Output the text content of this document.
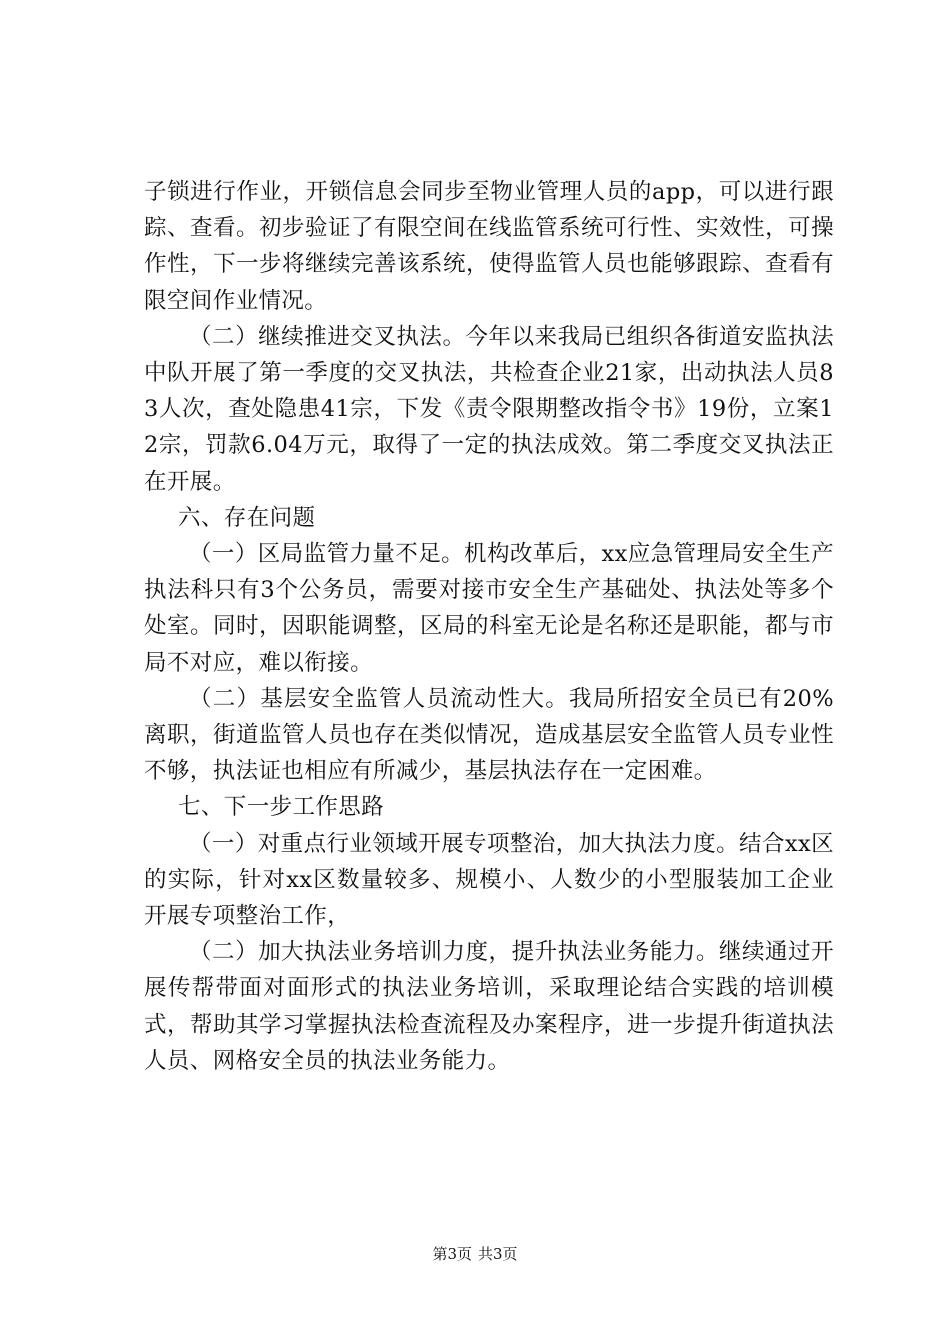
子锁进行作业，开锁信息会同步至物业管理人员的app，可以进行跟踪、查看。初步验证了有限空间在线监管系统可行性、实效性，可操作性，下一步将继续完善该系统，使得监管人员也能够跟踪、查看有限空间作业情况。

（二）继续推进交叉执法。今年以来我局已组织各街道安监执法中队开展了第一季度的交叉执法，共检查企业21家，出动执法人员83人次，查处隐患41宗，下发《责令限期整改指令书》19份，立案12宗，罚款6.04万元，取得了一定的执法成效。第二季度交叉执法正在开展。

六、存在问题

（一）区局监管力量不足。机构改革后，xx应急管理局安全生产执法科只有3个公务员，需要对接市安全生产基础处、执法处等多个处室。同时，因职能调整，区局的科室无论是名称还是职能，都与市局不对应，难以衔接。

（二）基层安全监管人员流动性大。我局所招安全员已有20%离职，街道监管人员也存在类似情况，造成基层安全监管人员专业性不够，执法证也相应有所减少，基层执法存在一定困难。

七、下一步工作思路

（一）对重点行业领域开展专项整治，加大执法力度。结合xx区的实际，针对xx区数量较多、规模小、人数少的小型服装加工企业开展专项整治工作，

（二）加大执法业务培训力度，提升执法业务能力。继续通过开展传帮带面对面形式的执法业务培训，采取理论结合实践的培训模式，帮助其学习掌握执法检查流程及办案程序，进一步提升街道执法人员、网格安全员的执法业务能力。

第3页 共3页
